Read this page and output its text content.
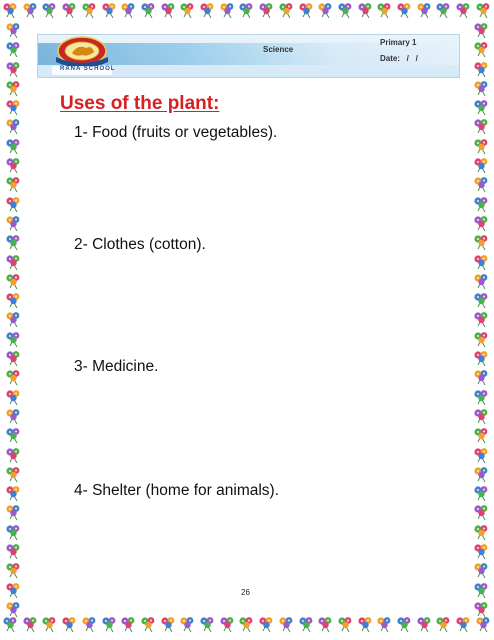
RANA SCHOOL
Science
Primary 1
Date:   /   /
Uses of the plant:
1- Food (fruits or vegetables).
2- Clothes (cotton).
3- Medicine.
4- Shelter (home for animals).
26
